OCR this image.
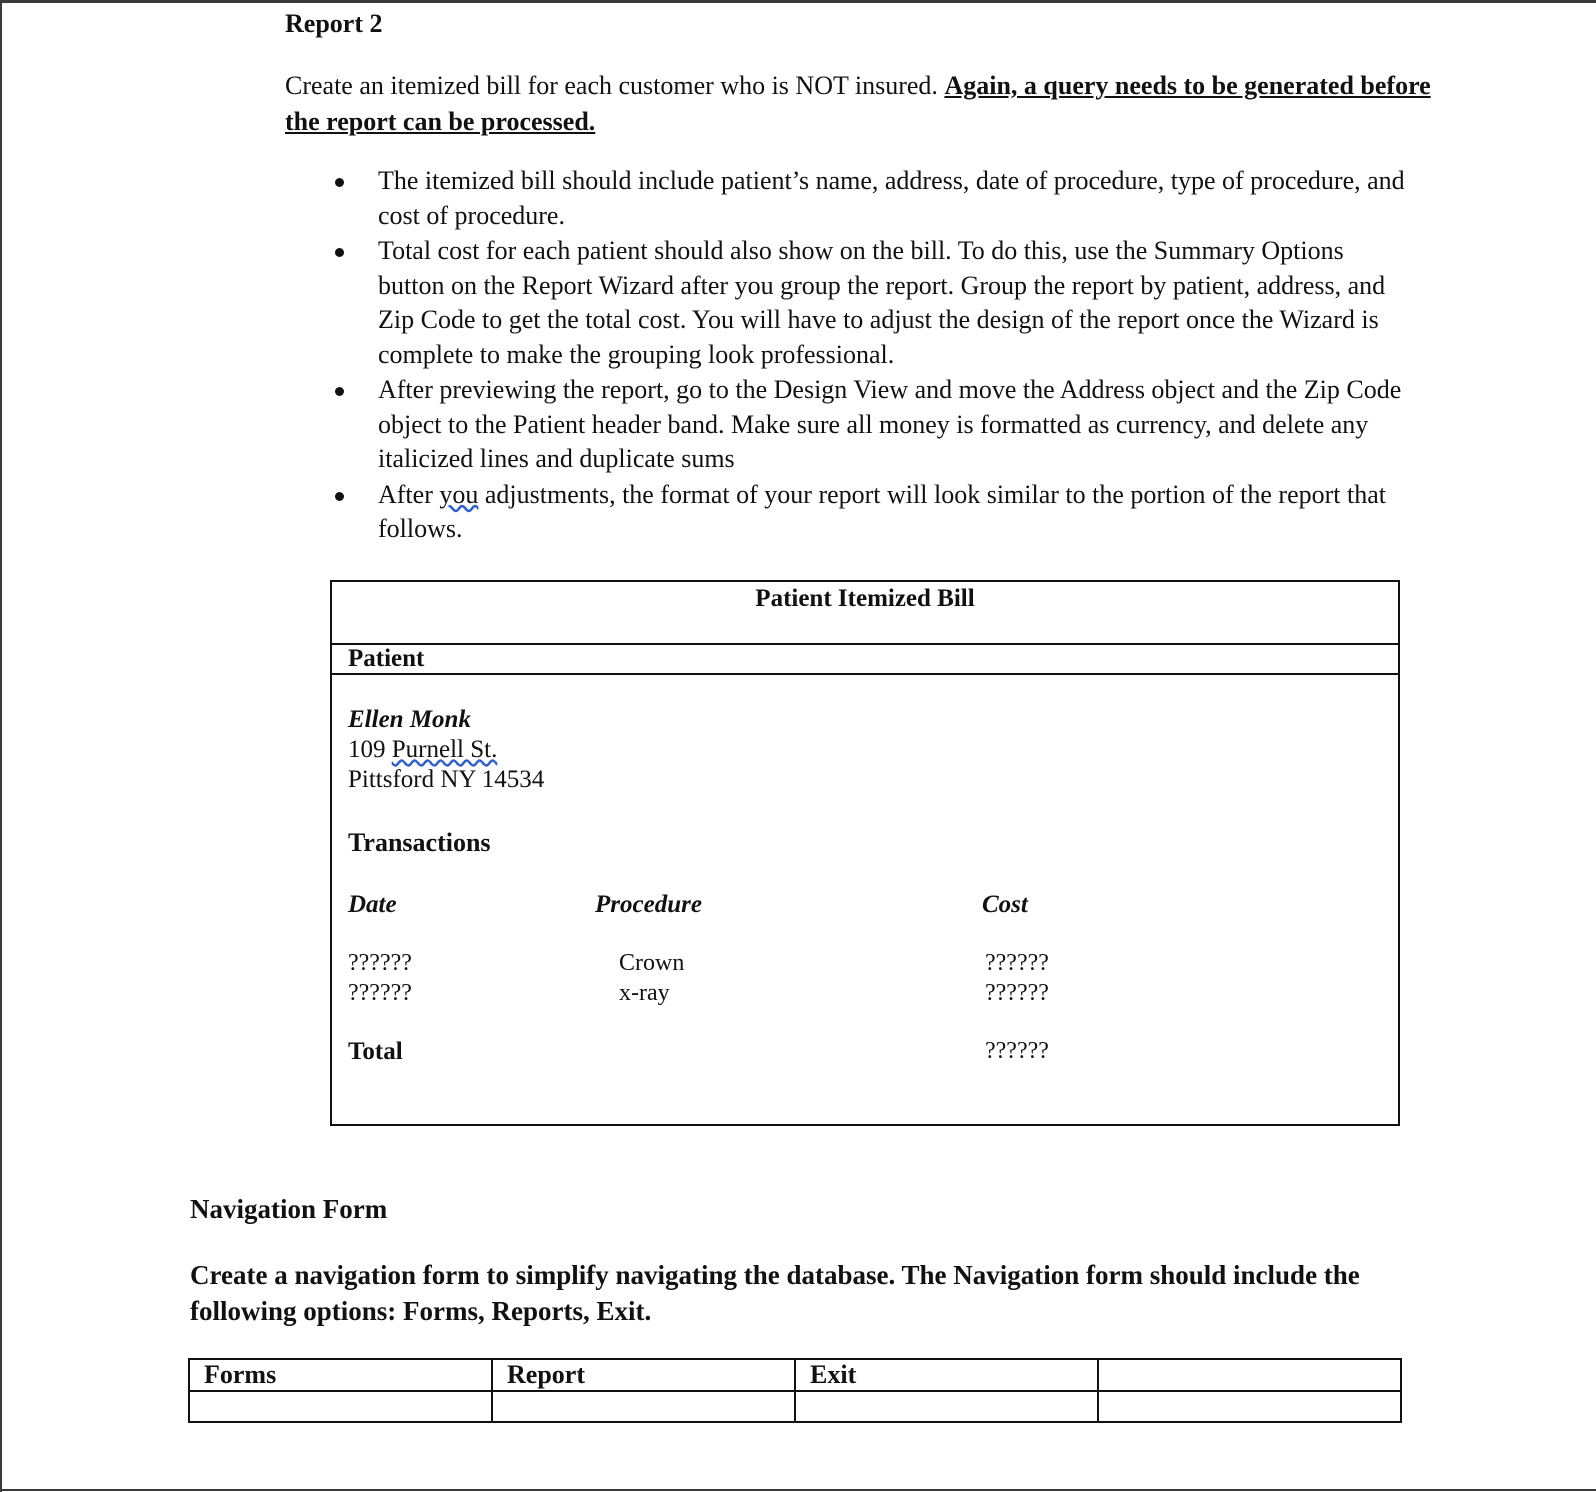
Report 2
Create an itemized bill for each customer who is NOT insured. Again, a query needs to be generated before the report can be processed.
The itemized bill should include patient’s name, address, date of procedure, type of procedure, and cost of procedure.
Total cost for each patient should also show on the bill. To do this, use the Summary Options button on the Report Wizard after you group the report. Group the report by patient, address, and Zip Code to get the total cost. You will have to adjust the design of the report once the Wizard is complete to make the grouping look professional.
After previewing the report, go to the Design View and move the Address object and the Zip Code object to the Patient header band. Make sure all money is formatted as currency, and delete any italicized lines and duplicate sums
After you adjustments, the format of your report will look similar to the portion of the report that follows.
Patient Itemized Bill
Patient
Ellen Monk
109 Purnell St.
Pittsford NY 14534
Transactions
Date	Procedure	Cost
??????	Crown	??????
??????	x-ray	??????
Total	??????
Navigation Form
Create a navigation form to simplify navigating the database. The Navigation form should include the following options: Forms, Reports, Exit.
Forms	Report	Exit	
